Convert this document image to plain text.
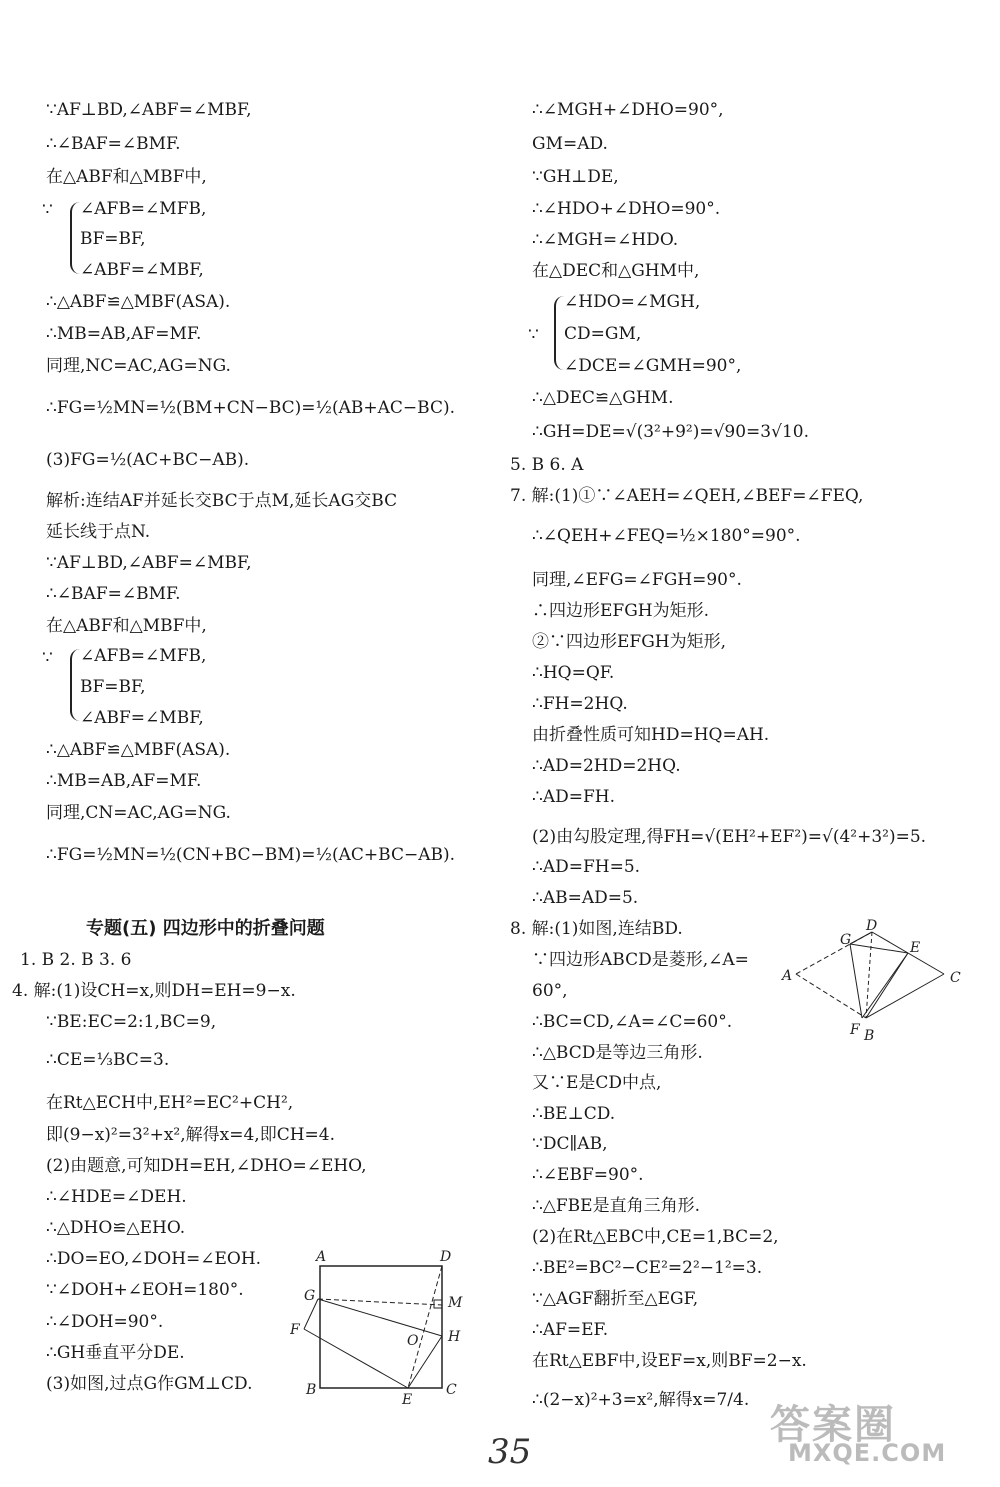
∵AF⊥BD,∠ABF=∠MBF,
∴∠BAF=∠BMF.
在△ABF和△MBF中,
∵ ∠AFB=∠MFB,
BF=BF,
∠ABF=∠MBF,
∴△ABF≌△MBF(ASA).
∴MB=AB,AF=MF.
同理,NC=AC,AG=NG.
∴FG=½MN=½(BM+CN−BC)=½(AB+AC−BC).
(3)FG=½(AC+BC−AB).
解析:连结AF并延长交BC于点M,延长AG交BC
延长线于点N.
∵AF⊥BD,∠ABF=∠MBF,
∴∠BAF=∠BMF.
在△ABF和△MBF中,
∵ ∠AFB=∠MFB,
BF=BF,
∠ABF=∠MBF,
∴△ABF≌△MBF(ASA).
∴MB=AB,AF=MF.
同理,CN=AC,AG=NG.
∴FG=½MN=½(CN+BC−BM)=½(AC+BC−AB).
专题(五) 四边形中的折叠问题
1. B 2. B 3. 6
4. 解:(1)设CH=x,则DH=EH=9−x.
∵BE:EC=2:1,BC=9,
∴CE=⅓BC=3.
在Rt△ECH中,EH²=EC²+CH²,
即(9−x)²=3²+x²,解得x=4,即CH=4.
(2)由题意,可知DH=EH,∠DHO=∠EHO,
∴∠HDE=∠DEH.
∴△DHO≌△EHO.
∴DO=EO,∠DOH=∠EOH.
∵∠DOH+∠EOH=180°.
∴∠DOH=90°.
∴GH垂直平分DE.
(3)如图,过点G作GM⊥CD.
A	D
G	M
F
O H
B
E
C
∴∠MGH+∠DHO=90°,
GM=AD.
∵GH⊥DE,
∴∠HDO+∠DHO=90°.
∴∠MGH=∠HDO.
在△DEC和△GHM中,
∵
∠HDO=∠MGH,
CD=GM,
∠DCE=∠GMH=90°,
∴△DEC≌△GHM.
∴GH=DE=√(3²+9²)=√90=3√10.
5. B 6. A
7. 解:(1)①∵∠AEH=∠QEH,∠BEF=∠FEQ,
∴∠QEH+∠FEQ=½×180°=90°.
同理,∠EFG=∠FGH=90°.
∴四边形EFGH为矩形.
②∵四边形EFGH为矩形,
∴HQ=QF.
∴FH=2HQ.
由折叠性质可知HD=HQ=AH.
∴AD=2HD=2HQ.
∴AD=FH.
(2)由勾股定理,得FH=√(EH²+EF²)=√(4²+3²)=5.
∴AD=FH=5.
∴AB=AD=5.
8. 解:(1)如图,连结BD.
∵四边形ABCD是菱形,∠A=
60°,
∴BC=CD,∠A=∠C=60°.
∴△BCD是等边三角形.
又∵E是CD中点,
∴BE⊥CD.
∵DC∥AB,
∴∠EBF=90°.
∴△FBE是直角三角形.
(2)在Rt△EBC中,CE=1,BC=2,
∴BE²=BC²−CE²=2²−1²=3.
∵△AGF翻折至△EGF,
∴AF=EF.
在Rt△EBF中,设EF=x,则BF=2−x.
∴(2−x)²+3=x²,解得x=7/4.
G
D
E
A	C
F B
35
答案圈
MXQE.COM
